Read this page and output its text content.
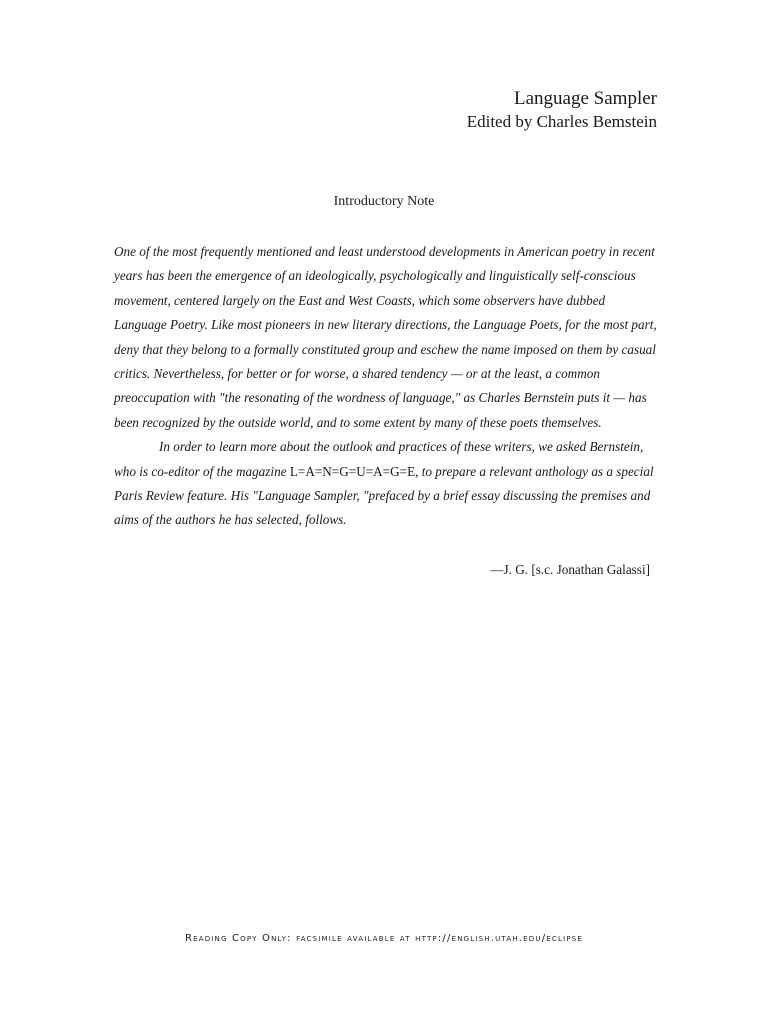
Language Sampler
Edited by Charles Bemstein
Introductory Note

One of the most frequently mentioned and least understood developments in American poetry in recent years has been the emergence of an ideologically, psychologically and linguistically self-conscious movement, centered largely on the East and West Coasts, which some observers have dubbed Language Poetry. Like most pioneers in new literary directions, the Language Poets, for the most part, deny that they belong to a formally constituted group and eschew the name imposed on them by casual critics. Nevertheless, for better or for worse, a shared tendency — or at the least, a common preoccupation with "the resonating of the wordness of language," as Charles Bernstein puts it — has been recognized by the outside world, and to some extent by many of these poets themselves.

In order to learn more about the outlook and practices of these writers, we asked Bernstein, who is co-editor of the magazine L=A=N=G=U=A=G=E, to prepare a relevant anthology as a special Paris Review feature. His "Language Sampler, "prefaced by a brief essay discussing the premises and aims of the authors he has selected, follows.

—J. G. [s.c. Jonathan Galassi]
Reading Copy Only: facsimile available at http://english.utah.edu/eclipse
